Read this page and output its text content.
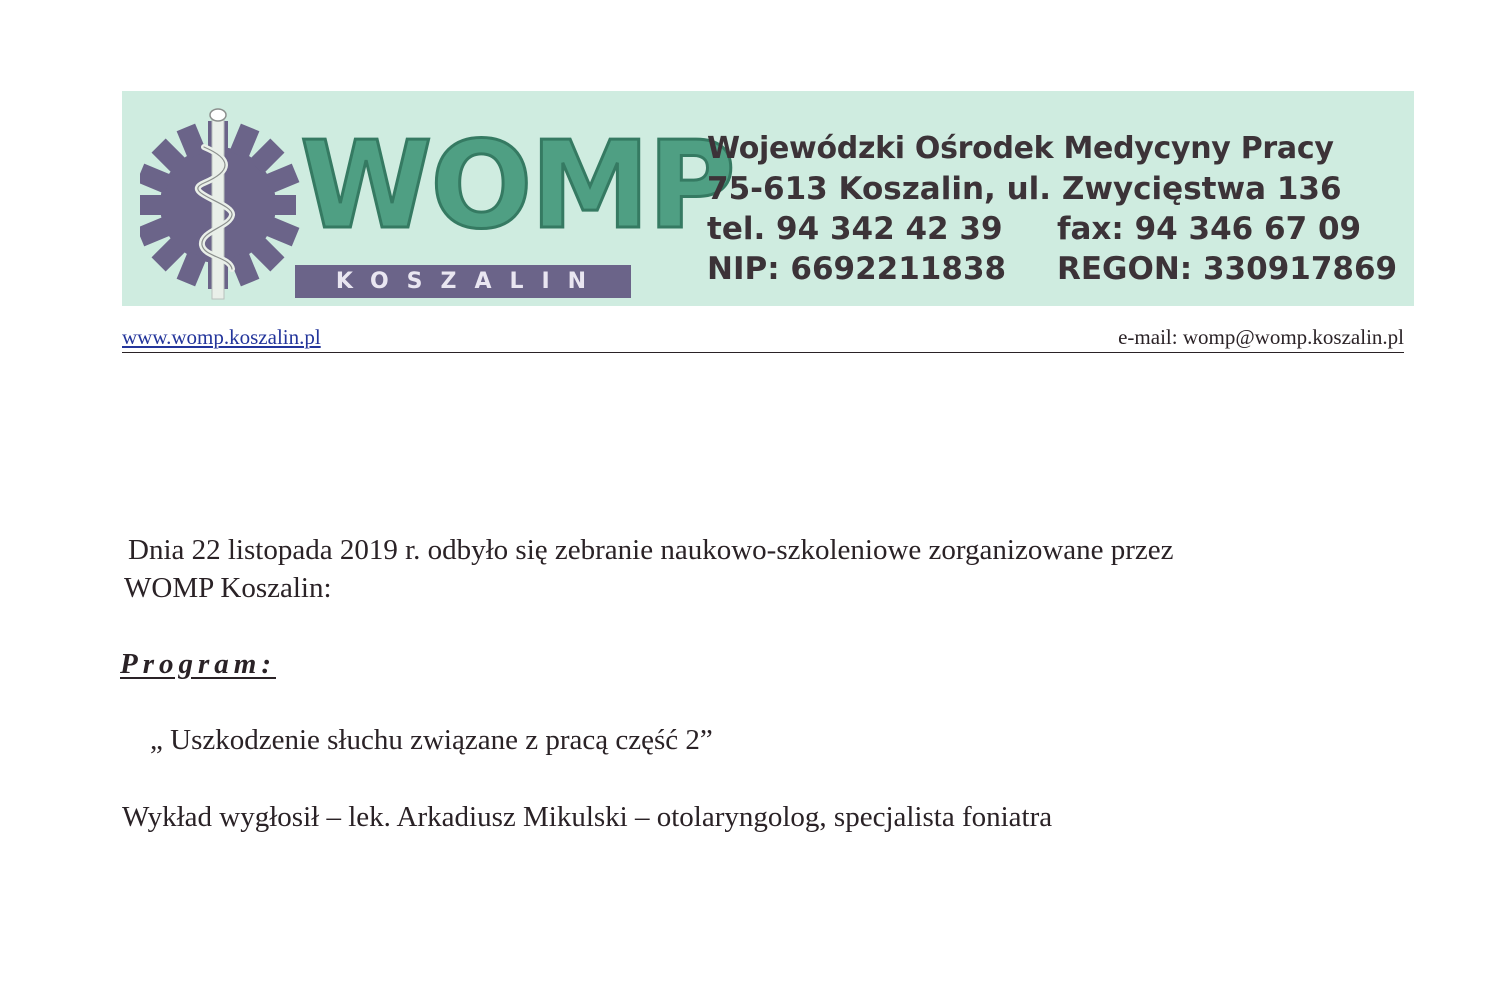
WOMP
KOSZALIN
Wojewódzki Ośrodek Medycyny Pracy
75-613 Koszalin, ul. Zwycięstwa 136
tel. 94 342 42 39 fax: 94 346 67 09
NIP: 6692211838 REGON: 330917869
www.womp.koszalin.pl	e-mail: womp@womp.koszalin.pl
Dnia 22 listopada 2019 r. odbyło się zebranie naukowo-szkoleniowe zorganizowane przez
WOMP Koszalin:
Program:
„ Uszkodzenie słuchu związane z pracą część 2”
Wykład wygłosił – lek. Arkadiusz Mikulski – otolaryngolog, specjalista foniatra
